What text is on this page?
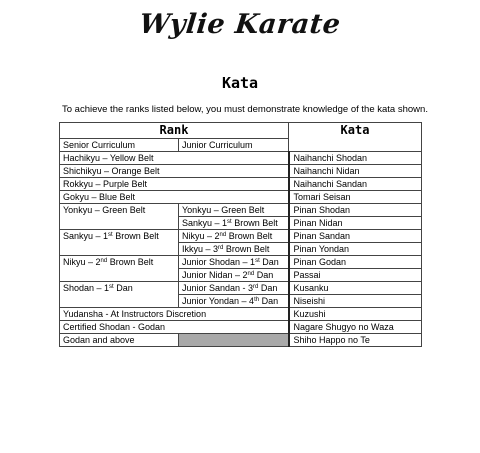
Wylie Karate
Kata
To achieve the ranks listed below, you must demonstrate knowledge of the kata shown.
Rank		Kata
Senior Curriculum	Junior Curriculum	
Hachikyu – Yellow Belt		Naihanchi Shodan
Shichikyu – Orange Belt		Naihanchi Nidan
Rokkyu – Purple Belt		Naihanchi Sandan
Gokyu – Blue Belt		Tomari Seisan
Yonkyu – Green Belt	Yonkyu – Green Belt	Pinan Shodan
	Sankyu – 1st Brown Belt	Pinan Nidan
Sankyu – 1st Brown Belt	Nikyu – 2nd Brown Belt	Pinan Sandan
	Ikkyu – 3rd Brown Belt	Pinan Yondan
Nikyu – 2nd Brown Belt	Junior Shodan – 1st Dan	Pinan Godan
	Junior Nidan – 2nd Dan	Passai
Shodan – 1st Dan	Junior Sandan - 3rd Dan	Kusanku
	Junior Yondan – 4th Dan	Niseishi
Yudansha - At Instructors Discretion		Kuzushi
Certified Shodan - Godan		Nagare Shugyo no Waza
Godan and above		Shiho Happo no Te
